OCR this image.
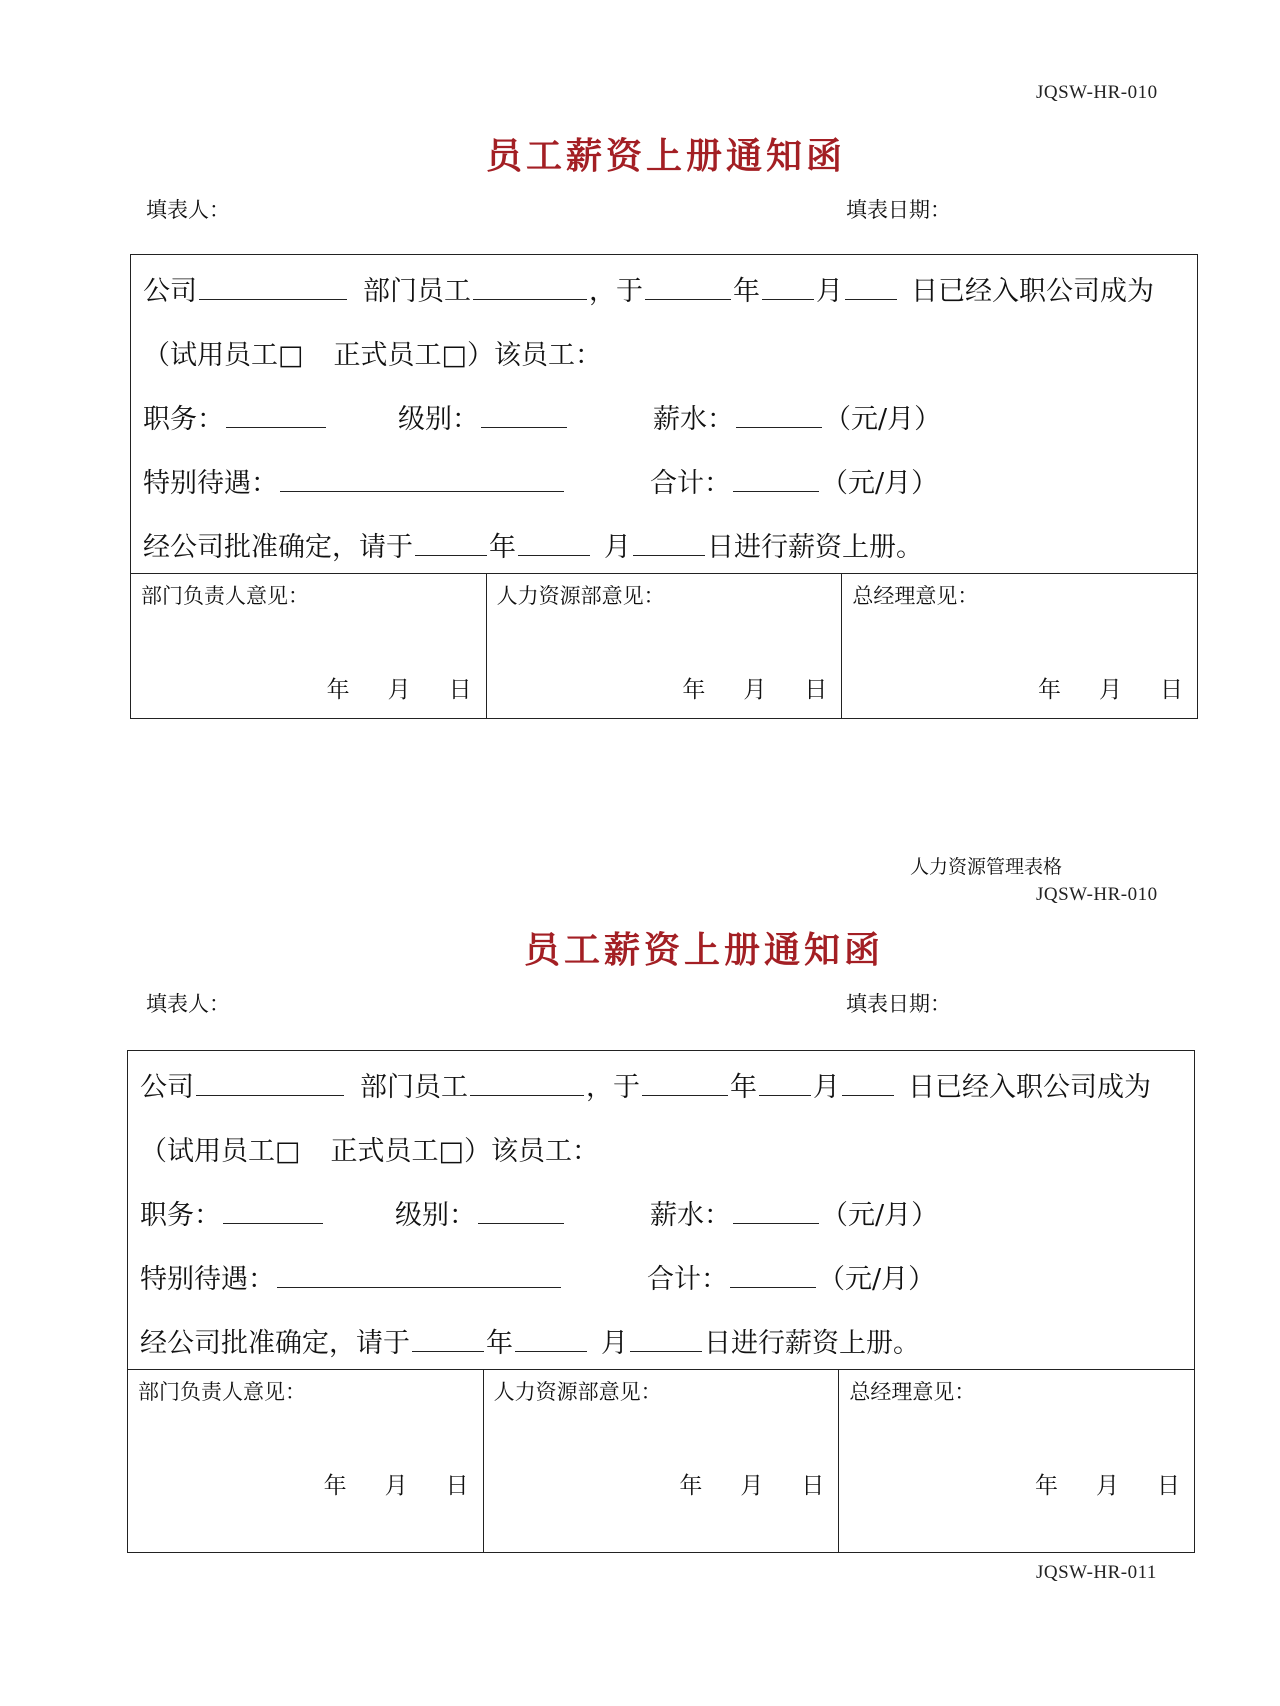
JQSW-HR-010
员工薪资上册通知函
填表人：	填表日期：
公司	部门员工	，于	年 月	日已经入职公司成为
（试用员工□ 正式员工□）该员工：
职务：	级别：	薪水：	（元/月）
特别待遇：	合计：	（元/月）
经公司批准确定，请于	年	月	日进行薪资上册。
部门负责人意见：
年 月 日
人力资源部意见：
年 月 日
总经理意见：
年 月 日
人力资源管理表格
JQSW-HR-010
员工薪资上册通知函
填表人：	填表日期：
公司	部门员工	，于	年 月	日已经入职公司成为
（试用员工□ 正式员工□）该员工：
职务：	级别：	薪水：	（元/月）
特别待遇：	合计：	（元/月）
经公司批准确定，请于	年	月	日进行薪资上册。
部门负责人意见：
年 月 日
人力资源部意见：
年 月 日
总经理意见：
年 月 日
JQSW-HR-011
